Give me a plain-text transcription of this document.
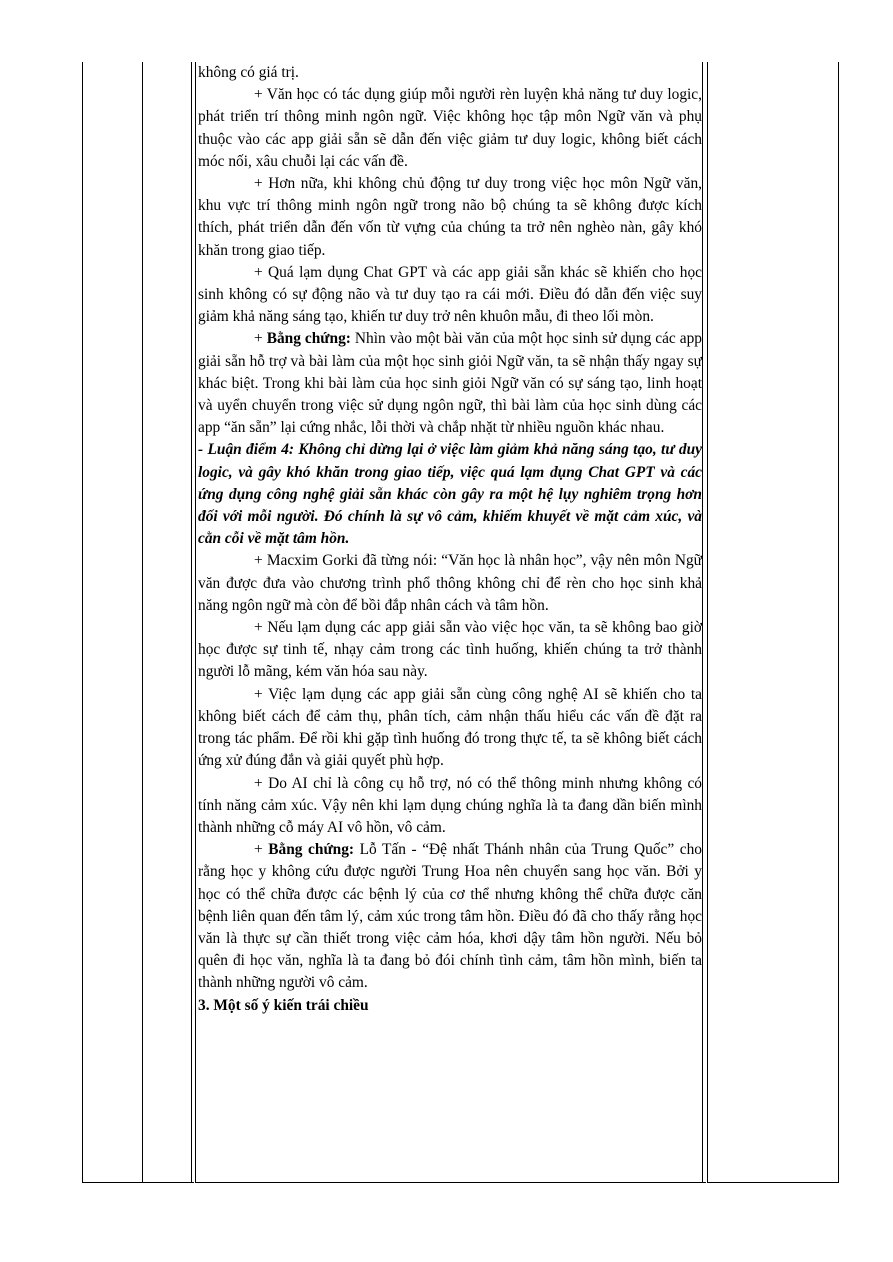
không có giá trị.

+ Văn học có tác dụng giúp mỗi người rèn luyện khả năng tư duy logic, phát triển trí thông minh ngôn ngữ. Việc không học tập môn Ngữ văn và phụ thuộc vào các app giải sẵn sẽ dẫn đến việc giảm tư duy logic, không biết cách móc nối, xâu chuỗi lại các vấn đề.

+ Hơn nữa, khi không chủ động tư duy trong việc học môn Ngữ văn, khu vực trí thông minh ngôn ngữ trong não bộ chúng ta sẽ không được kích thích, phát triển dẫn đến vốn từ vựng của chúng ta trở nên nghèo nàn, gây khó khăn trong giao tiếp.

+ Quá lạm dụng Chat GPT và các app giải sẵn khác sẽ khiến cho học sinh không có sự động não và tư duy tạo ra cái mới. Điều đó dẫn đến việc suy giảm khả năng sáng tạo, khiến tư duy trở nên khuôn mẫu, đi theo lối mòn.

+ Bằng chứng: Nhìn vào một bài văn của một học sinh sử dụng các app giải sẵn hỗ trợ và bài làm của một học sinh giỏi Ngữ văn, ta sẽ nhận thấy ngay sự khác biệt. Trong khi bài làm của học sinh giỏi Ngữ văn có sự sáng tạo, linh hoạt và uyển chuyển trong việc sử dụng ngôn ngữ, thì bài làm của học sinh dùng các app “ăn sẵn” lại cứng nhắc, lỗi thời và chắp nhặt từ nhiều nguồn khác nhau.

- Luận điểm 4: Không chỉ dừng lại ở việc làm giảm khả năng sáng tạo, tư duy logic, và gây khó khăn trong giao tiếp, việc quá lạm dụng Chat GPT và các ứng dụng công nghệ giải sẵn khác còn gây ra một hệ lụy nghiêm trọng hơn đối với mỗi người. Đó chính là sự vô cảm, khiếm khuyết về mặt cảm xúc, và cằn cỗi về mặt tâm hồn.

+ Macxim Gorki đã từng nói: “Văn học là nhân học”, vậy nên môn Ngữ văn được đưa vào chương trình phổ thông không chỉ để rèn cho học sinh khả năng ngôn ngữ mà còn để bồi đắp nhân cách và tâm hồn.

+ Nếu lạm dụng các app giải sẵn vào việc học văn, ta sẽ không bao giờ học được sự tinh tế, nhạy cảm trong các tình huống, khiến chúng ta trở thành người lỗ mãng, kém văn hóa sau này.

+ Việc lạm dụng các app giải sẵn cùng công nghệ AI sẽ khiến cho ta không biết cách để cảm thụ, phân tích, cảm nhận thấu hiểu các vấn đề đặt ra trong tác phẩm. Để rồi khi gặp tình huống đó trong thực tế, ta sẽ không biết cách ứng xử đúng đắn và giải quyết phù hợp.

+ Do AI chỉ là công cụ hỗ trợ, nó có thể thông minh nhưng không có tính năng cảm xúc. Vậy nên khi lạm dụng chúng nghĩa là ta đang dần biến mình thành những cỗ máy AI vô hồn, vô cảm.

+ Bằng chứng: Lỗ Tấn - “Đệ nhất Thánh nhân của Trung Quốc” cho rằng học y không cứu được người Trung Hoa nên chuyển sang học văn. Bởi y học có thể chữa được các bệnh lý của cơ thể nhưng không thể chữa được căn bệnh liên quan đến tâm lý, cảm xúc trong tâm hồn. Điều đó đã cho thấy rằng học văn là thực sự cần thiết trong việc cảm hóa, khơi dậy tâm hồn người. Nếu bỏ quên đi học văn, nghĩa là ta đang bỏ đói chính tình cảm, tâm hồn mình, biến ta thành những người vô cảm.

3. Một số ý kiến trái chiều
